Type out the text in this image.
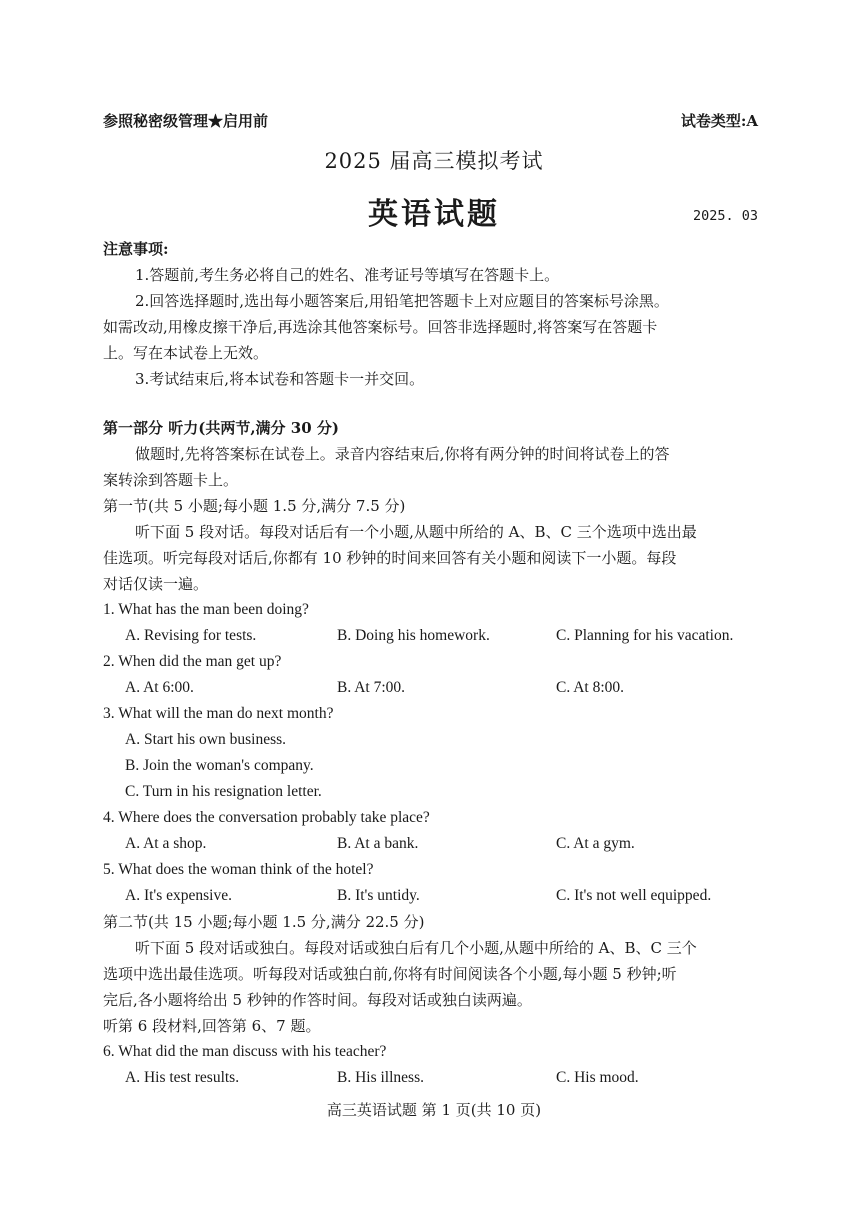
参照秘密级管理★启用前	试卷类型:A
2025 届高三模拟考试
英语试题	2025. 03
注意事项:
1.答题前,考生务必将自己的姓名、准考证号等填写在答题卡上。
2.回答选择题时,选出每小题答案后,用铅笔把答题卡上对应题目的答案标号涂黑。
如需改动,用橡皮擦干净后,再选涂其他答案标号。回答非选择题时,将答案写在答题卡
上。写在本试卷上无效。
3.考试结束后,将本试卷和答题卡一并交回。
第一部分 听力(共两节,满分 30 分)
做题时,先将答案标在试卷上。录音内容结束后,你将有两分钟的时间将试卷上的答
案转涂到答题卡上。
第一节(共 5 小题;每小题 1.5 分,满分 7.5 分)
听下面 5 段对话。每段对话后有一个小题,从题中所给的 A、B、C 三个选项中选出最
佳选项。听完每段对话后,你都有 10 秒钟的时间来回答有关小题和阅读下一小题。每段
对话仅读一遍。
1. What has the man been doing?
A. Revising for tests.	B. Doing his homework.	C. Planning for his vacation.
2. When did the man get up?
A. At 6:00.	B. At 7:00.	C. At 8:00.
3. What will the man do next month?
A. Start his own business.
B. Join the woman's company.
C. Turn in his resignation letter.
4. Where does the conversation probably take place?
A. At a shop.	B. At a bank.	C. At a gym.
5. What does the woman think of the hotel?
A. It's expensive.	B. It's untidy.	C. It's not well equipped.
第二节(共 15 小题;每小题 1.5 分,满分 22.5 分)
听下面 5 段对话或独白。每段对话或独白后有几个小题,从题中所给的 A、B、C 三个
选项中选出最佳选项。听每段对话或独白前,你将有时间阅读各个小题,每小题 5 秒钟;听
完后,各小题将给出 5 秒钟的作答时间。每段对话或独白读两遍。
听第 6 段材料,回答第 6、7 题。
6. What did the man discuss with his teacher?
A. His test results.	B. His illness.	C. His mood.
高三英语试题 第 1 页(共 10 页)
